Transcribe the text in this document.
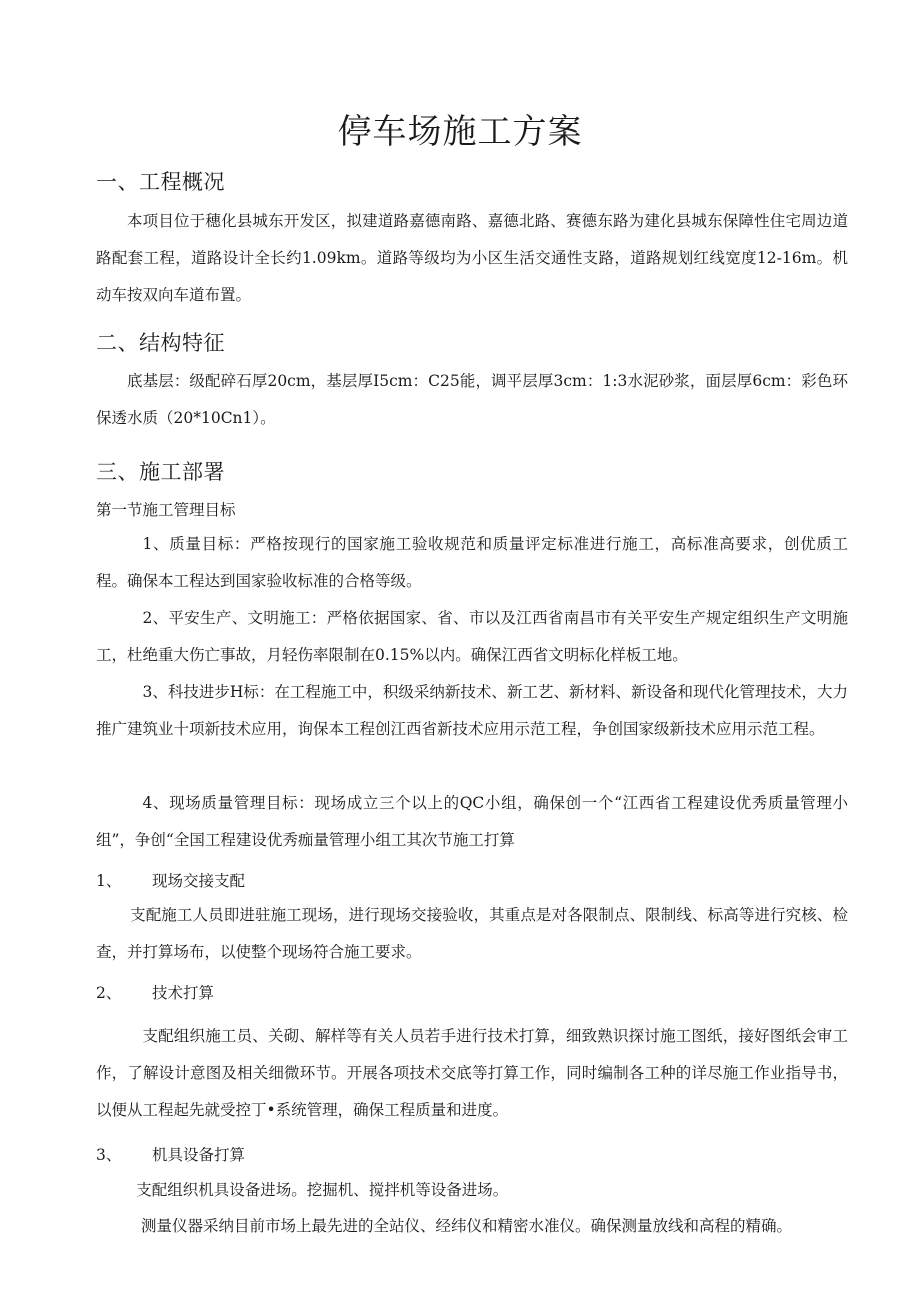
停车场施工方案
一、工程概况
本项目位于穗化县城东开发区，拟建道路嘉德南路、嘉德北路、赛德东路为建化县城东保障性住宅周边道路配套工程，道路设计全长约1.09km。道路等级均为小区生活交通性支路，道路规划红线宽度12-16m。机动车按双向车道布置。
二、结构特征
底基层：级配碎石厚20cm，基层厚I5cm：C25能，调平层厚3cm：1:3水泥砂浆，面层厚6cm：彩色环保透水质（20*10Cn1）。
三、施工部署
第一节施工管理目标
1、质量目标：严格按现行的国家施工验收规范和质量评定标准进行施工，高标准高要求，创优质工程。确保本工程达到国家验收标准的合格等级。
2、平安生产、文明施工：严格依据国家、省、市以及江西省南昌市有关平安生产规定组织生产文明施工，杜绝重大伤亡事故，月轻伤率限制在0.15%以内。确保江西省文明标化样板工地。
3、科技进步H标：在工程施工中，积级采纳新技术、新工艺、新材料、新设备和现代化管理技术，大力推广建筑业十项新技术应用，询保本工程创江西省新技术应用示范工程，争创国家级新技术应用示范工程。
4、现场质量管理目标：现场成立三个以上的QC小组，确保创一个“江西省工程建设优秀质量管理小组”，争创“全国工程建设优秀痂量管理小组工其次节施工打算
1、 现场交接支配
支配施工人员即进驻施工现场，进行现场交接验收，其重点是对各限制点、限制线、标高等进行究核、检查，并打算场布，以使整个现场符合施工要求。
2、 技术打算
支配组织施工员、关砌、解样等有关人员若手进行技术打算，细致熟识探讨施工图纸，接好图纸会审工作，了解设计意图及相关细微环节。开展各项技术交底等打算工作，同时编制各工种的详尽施工作业指导书，以便从工程起先就受控丁•系统管理，确保工程质量和进度。
3、 机具设备打算
支配组织机具设备进场。挖掘机、搅拌机等设备进场。
测量仪器采纳目前市场上最先进的全站仪、经纬仪和精密水准仪。确保测量放线和高程的精确。
